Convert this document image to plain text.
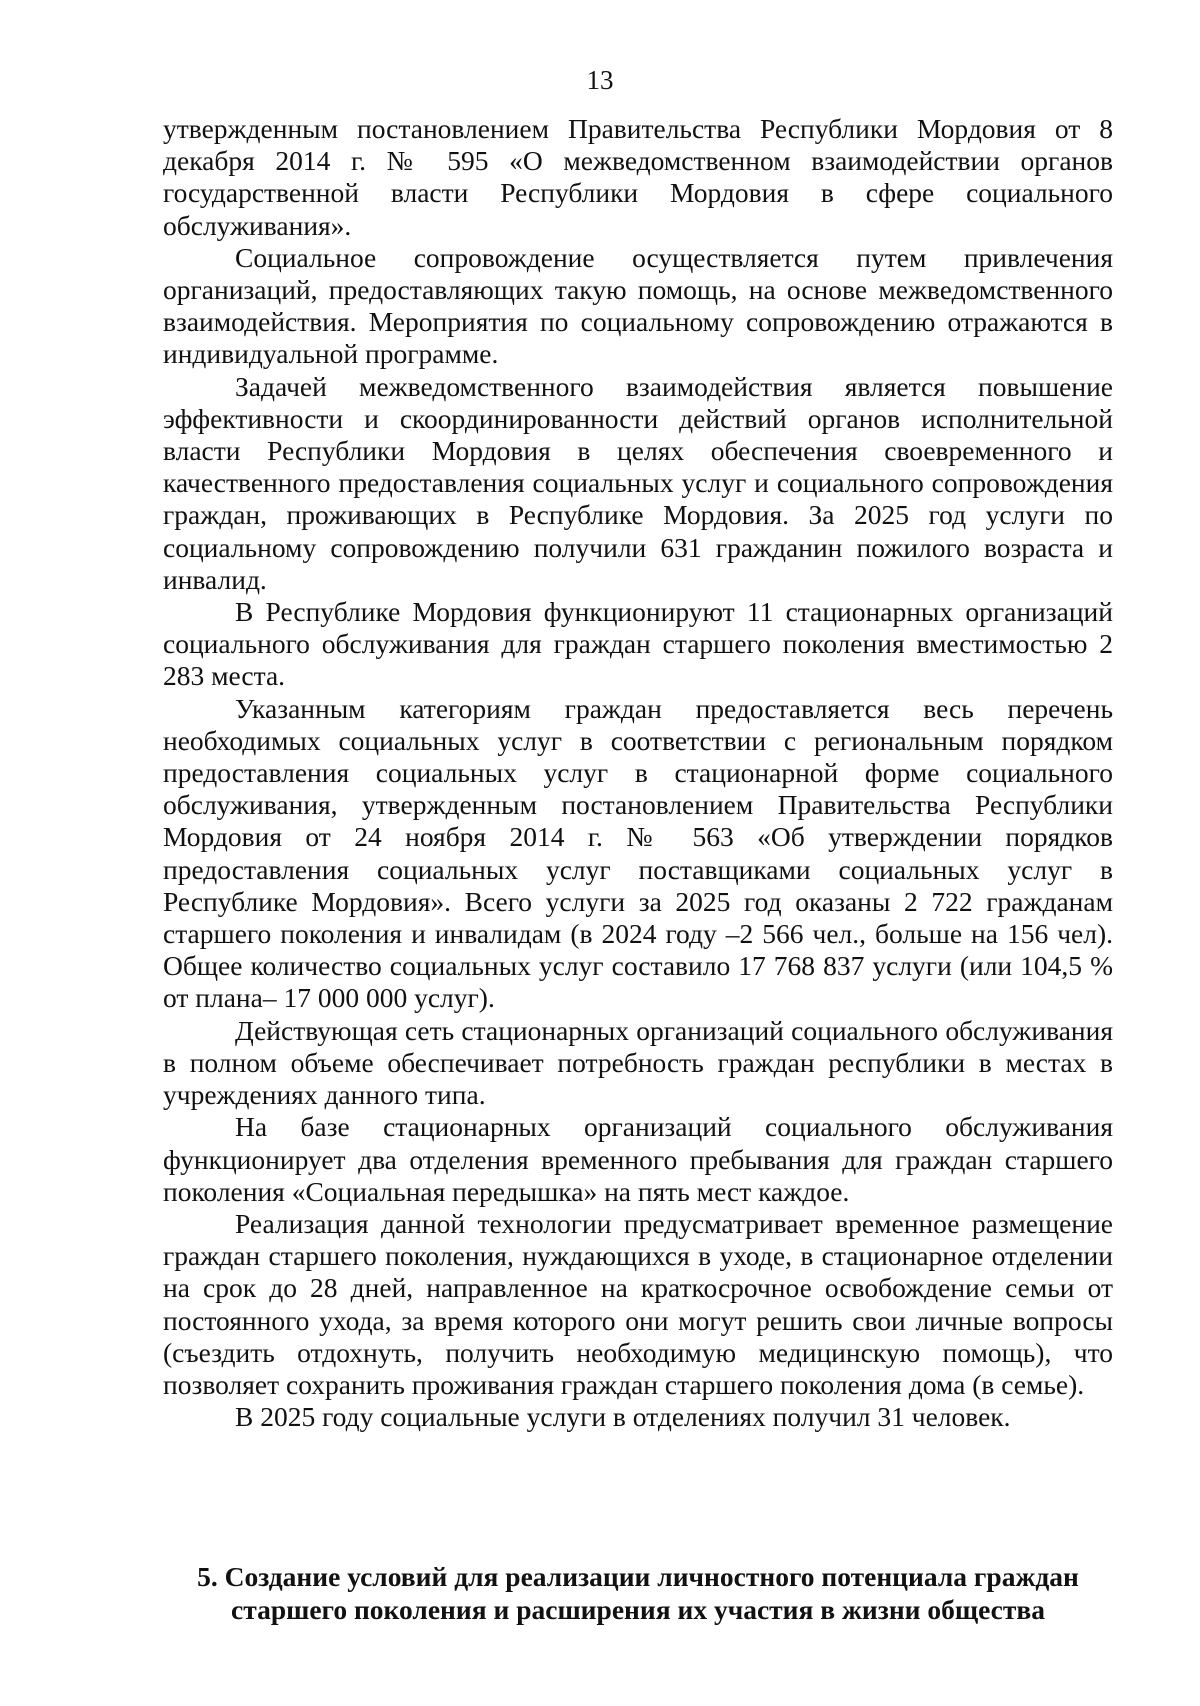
13

утвержденным постановлением Правительства Республики Мордовия от 8 декабря 2014 г. № 595 «О межведомственном взаимодействии органов государственной власти Республики Мордовия в сфере социального обслуживания».

Социальное сопровождение осуществляется путем привлечения организаций, предоставляющих такую помощь, на основе межведомственного взаимодействия. Мероприятия по социальному сопровождению отражаются в индивидуальной программе.

Задачей межведомственного взаимодействия является повышение эффективности и скоординированности действий органов исполнительной власти Республики Мордовия в целях обеспечения своевременного и качественного предоставления социальных услуг и социального сопровождения граждан, проживающих в Республике Мордовия. За 2025 год услуги по социальному сопровождению получили 631 гражданин пожилого возраста и инвалид.

В Республике Мордовия функционируют 11 стационарных организаций социального обслуживания для граждан старшего поколения вместимостью 2 283 места.

Указанным категориям граждан предоставляется весь перечень необходимых социальных услуг в соответствии с региональным порядком предоставления социальных услуг в стационарной форме социального обслуживания, утвержденным постановлением Правительства Республики Мордовия от 24 ноября 2014 г. № 563 «Об утверждении порядков предоставления социальных услуг поставщиками социальных услуг в Республике Мордовия». Всего услуги за 2025 год оказаны 2 722 гражданам старшего поколения и инвалидам (в 2024 году –2 566 чел., больше на 156 чел). Общее количество социальных услуг составило 17 768 837 услуги (или 104,5 % от плана– 17 000 000 услуг).

Действующая сеть стационарных организаций социального обслуживания в полном объеме обеспечивает потребность граждан республики в местах в учреждениях данного типа.

На базе стационарных организаций социального обслуживания функционирует два отделения временного пребывания для граждан старшего поколения «Социальная передышка» на пять мест каждое.

Реализация данной технологии предусматривает временное размещение граждан старшего поколения, нуждающихся в уходе, в стационарное отделении на срок до 28 дней, направленное на краткосрочное освобождение семьи от постоянного ухода, за время которого они могут решить свои личные вопросы (съездить отдохнуть, получить необходимую медицинскую помощь), что позволяет сохранить проживания граждан старшего поколения дома (в семье).

В 2025 году социальные услуги в отделениях получил 31 человек.

5. Создание условий для реализации личностного потенциала граждан
старшего поколения и расширения их участия в жизни общества
